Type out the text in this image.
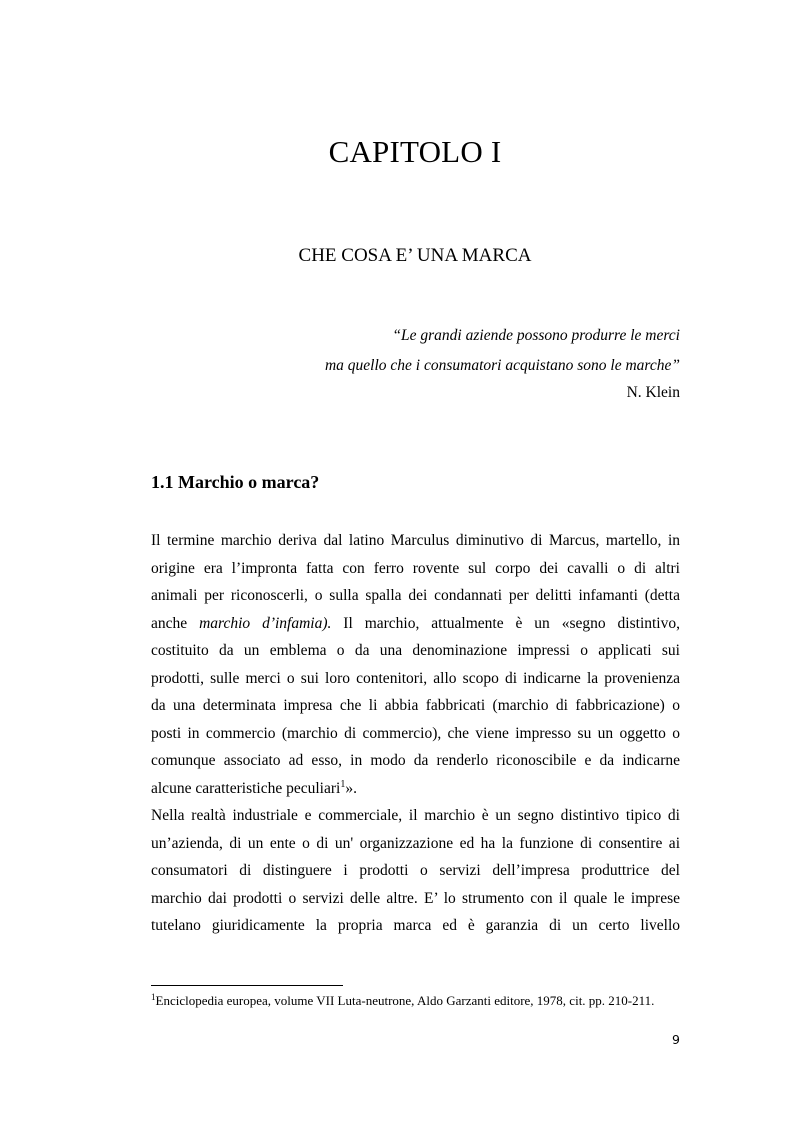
CAPITOLO I
CHE COSA E’ UNA MARCA
“Le grandi aziende possono produrre le merci
ma quello che i consumatori acquistano sono le marche”
N. Klein
1.1 Marchio o marca?
Il termine marchio deriva dal latino Marculus diminutivo di Marcus, martello, in
origine era l’impronta fatta con ferro rovente sul corpo dei cavalli o di altri
animali per riconoscerli, o sulla spalla dei condannati per delitti infamanti (detta
anche marchio d’infamia). Il marchio, attualmente è un «segno distintivo,
costituito da un emblema o da una denominazione impressi o applicati sui
prodotti, sulle merci o sui loro contenitori, allo scopo di indicarne la provenienza
da una determinata impresa che li abbia fabbricati (marchio di fabbricazione) o
posti in commercio (marchio di commercio), che viene impresso su un oggetto o
comunque associato ad esso, in modo da renderlo riconoscibile e da indicarne
alcune caratteristiche peculiari$^1$».
Nella realtà industriale e commerciale, il marchio è un segno distintivo tipico di
un’azienda, di un ente o di un' organizzazione ed ha la funzione di consentire ai
consumatori di distinguere i prodotti o servizi dell’impresa produttrice del
marchio dai prodotti o servizi delle altre. E’ lo strumento con il quale le imprese
tutelano giuridicamente la propria marca ed è garanzia di un certo livello
$^1$Enciclopedia europea, volume VII Luta-neutrone, Aldo Garzanti editore, 1978, cit. pp. 210-211.
9
